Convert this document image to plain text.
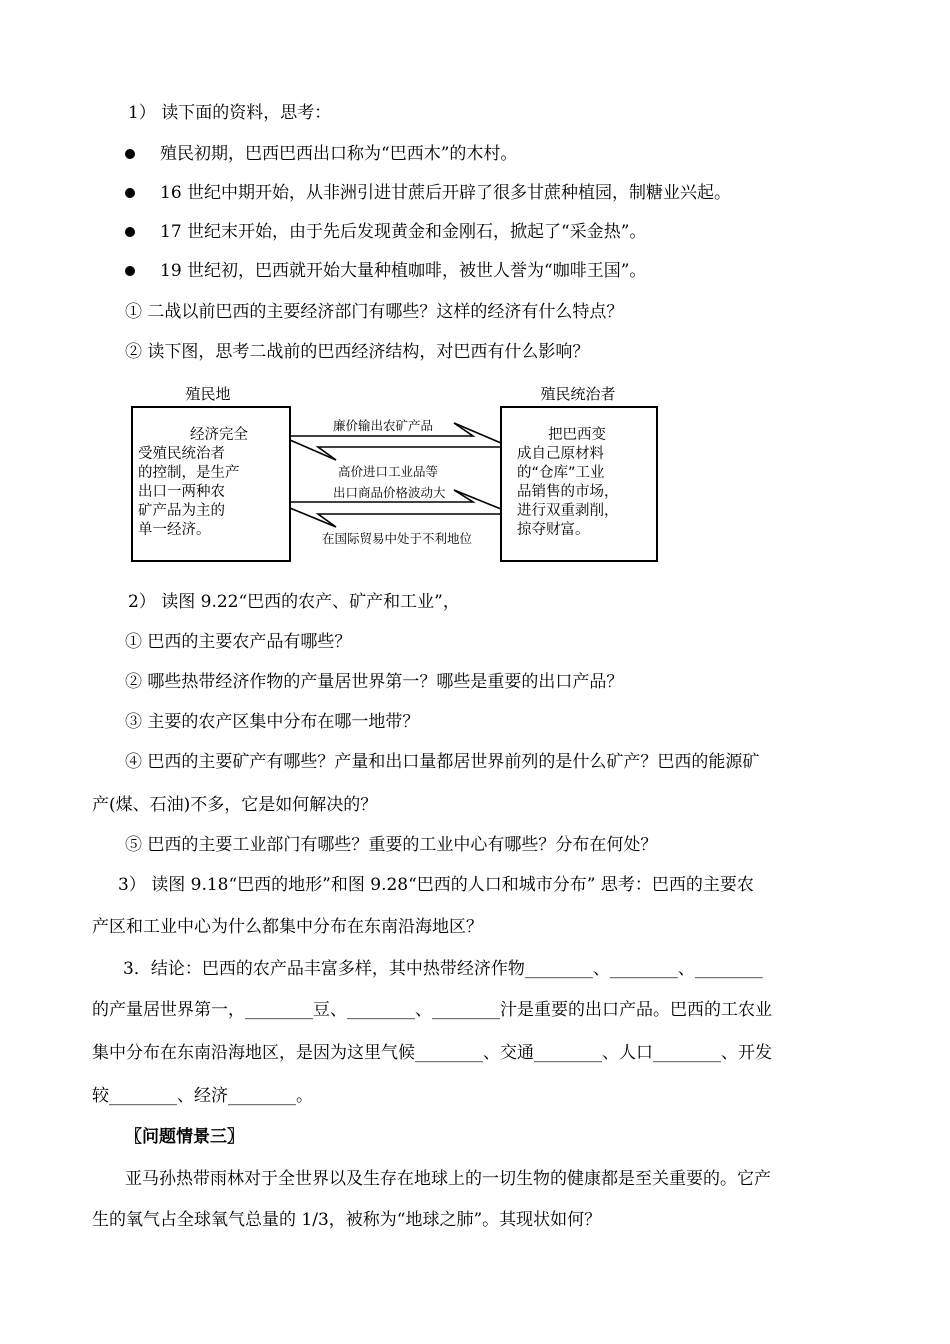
1） 读下面的资料，思考：
殖民初期，巴西巴西出口称为“巴西木”的木村。
16 世纪中期开始，从非洲引进甘蔗后开辟了很多甘蔗种植园，制糖业兴起。
17 世纪末开始，由于先后发现黄金和金刚石，掀起了“采金热”。
19 世纪初，巴西就开始大量种植咖啡，被世人誉为“咖啡王国”。
① 二战以前巴西的主要经济部门有哪些？这样的经济有什么特点？
② 读下图，思考二战前的巴西经济结构，对巴西有什么影响？
殖民地	殖民统治者
经济完全
受殖民统治者
的控制，是生产
出口一两种农
矿产品为主的
单一经济。
把巴西变
成自己原材料
的“仓库”工业
品销售的市场，
进行双重剥削，
掠夺财富。
廉价输出农矿产品
高价进口工业品等
出口商品价格波动大
在国际贸易中处于不利地位
2） 读图 9.22“巴西的农产、矿产和工业”，
① 巴西的主要农产品有哪些？
② 哪些热带经济作物的产量居世界第一？哪些是重要的出口产品？
③ 主要的农产区集中分布在哪一地带？
④ 巴西的主要矿产有哪些？产量和出口量都居世界前列的是什么矿产？巴西的能源矿
产(煤、石油)不多，它是如何解决的？
⑤ 巴西的主要工业部门有哪些？重要的工业中心有哪些？分布在何处？
3） 读图 9.18“巴西的地形”和图 9.28“巴西的人口和城市分布” 思考：巴西的主要农
产区和工业中心为什么都集中分布在东南沿海地区？
3．结论：巴西的农产品丰富多样，其中热带经济作物________、________、________
的产量居世界第一，________豆、________、________汁是重要的出口产品。巴西的工农业
集中分布在东南沿海地区，是因为这里气候________、交通________、人口________、开发
较________、经济________。
〖问题情景三〗
亚马孙热带雨林对于全世界以及生存在地球上的一切生物的健康都是至关重要的。它产
生的氧气占全球氧气总量的 1/3，被称为“地球之肺”。其现状如何？
